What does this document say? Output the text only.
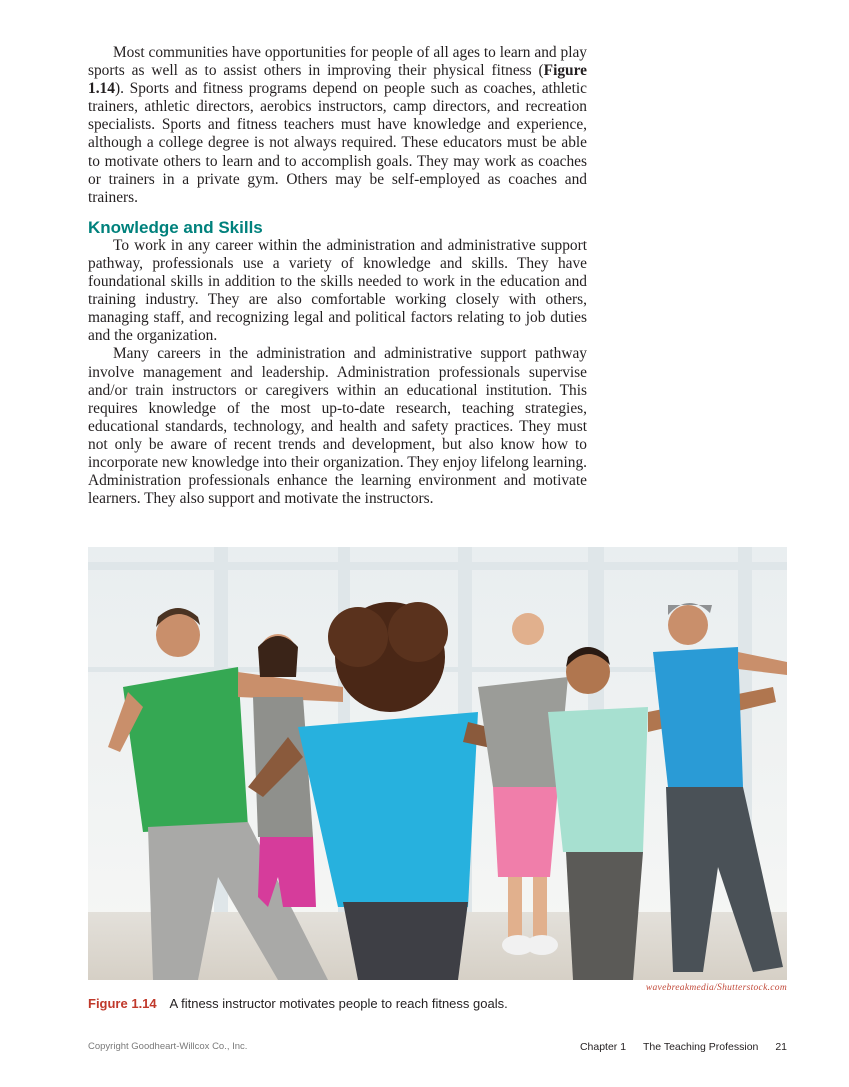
Most communities have opportunities for people of all ages to learn and play sports as well as to assist others in improving their physical fitness (Figure 1.14). Sports and fitness programs depend on people such as coaches, athletic trainers, athletic directors, aerobics instructors, camp directors, and recreation specialists. Sports and fitness teachers must have knowledge and experience, although a college degree is not always required. These educators must be able to motivate others to learn and to accomplish goals. They may work as coaches or trainers in a private gym. Others may be self-employed as coaches and trainers.

Knowledge and Skills

To work in any career within the administration and administrative support pathway, professionals use a variety of knowledge and skills. They have foundational skills in addition to the skills needed to work in the education and training industry. They are also comfortable working closely with others, managing staff, and recognizing legal and political factors relating to job duties and the organization.

Many careers in the administration and administrative support pathway involve management and leadership. Administration professionals supervise and/or train instructors or caregivers within an educational institution. This requires knowledge of the most up-to-date research, teaching strategies, educational standards, technology, and health and safety practices. They must not only be aware of recent trends and development, but also know how to incorporate new knowledge into their organization. They enjoy lifelong learning. Administration professionals enhance the learning environment and motivate learners. They also support and motivate the instructors.

wavebreakmedia/Shutterstock.com
Figure 1.14 A fitness instructor motivates people to reach fitness goals.
Copyright Goodheart-Willcox Co., Inc.	Chapter 1 The Teaching Profession 21
